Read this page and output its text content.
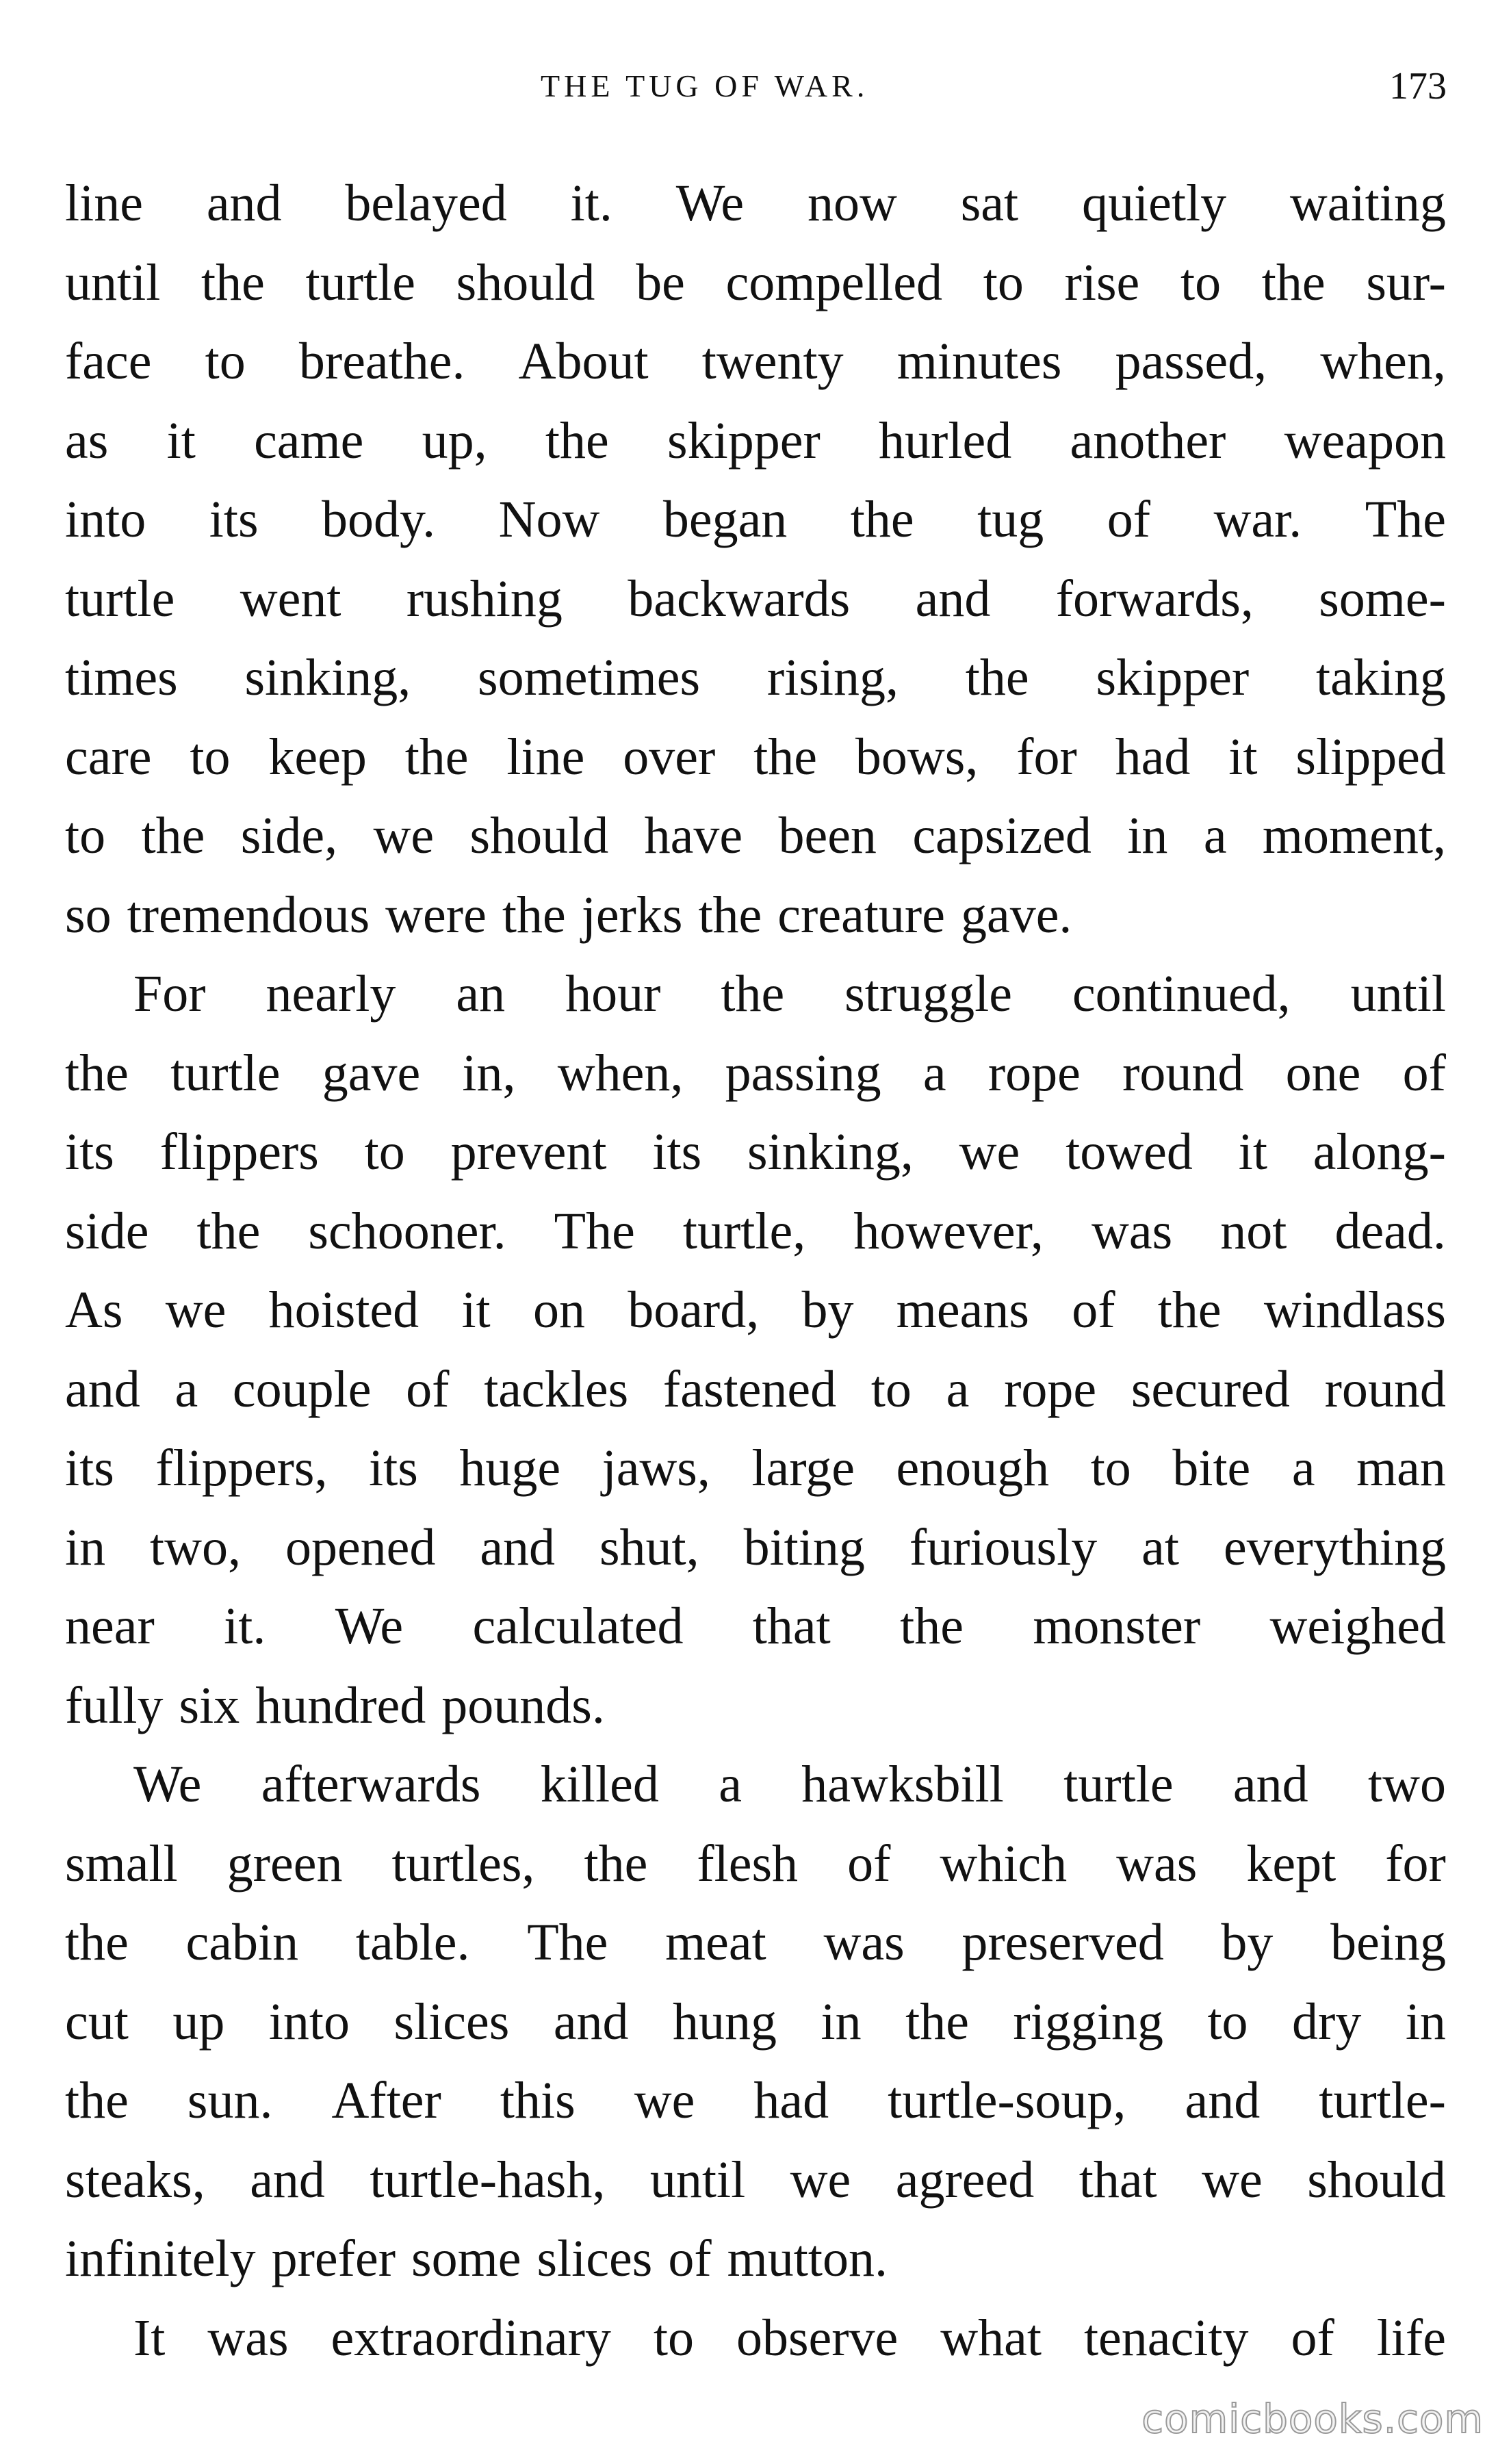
THE TUG OF WAR.	173
line and belayed it. We now sat quietly waiting
until the turtle should be compelled to rise to the sur-
face to breathe. About twenty minutes passed, when,
as it came up, the skipper hurled another weapon
into its body. Now began the tug of war. The
turtle went rushing backwards and forwards, some-
times sinking, sometimes rising, the skipper taking
care to keep the line over the bows, for had it slipped
to the side, we should have been capsized in a moment,
so tremendous were the jerks the creature gave.
For nearly an hour the struggle continued, until
the turtle gave in, when, passing a rope round one of
its flippers to prevent its sinking, we towed it along-
side the schooner. The turtle, however, was not dead.
As we hoisted it on board, by means of the windlass
and a couple of tackles fastened to a rope secured round
its flippers, its huge jaws, large enough to bite a man
in two, opened and shut, biting furiously at everything
near it. We calculated that the monster weighed
fully six hundred pounds.
We afterwards killed a hawksbill turtle and two
small green turtles, the flesh of which was kept for
the cabin table. The meat was preserved by being
cut up into slices and hung in the rigging to dry in
the sun. After this we had turtle-soup, and turtle-
steaks, and turtle-hash, until we agreed that we should
infinitely prefer some slices of mutton.
It was extraordinary to observe what tenacity of life
comicbooks.com
